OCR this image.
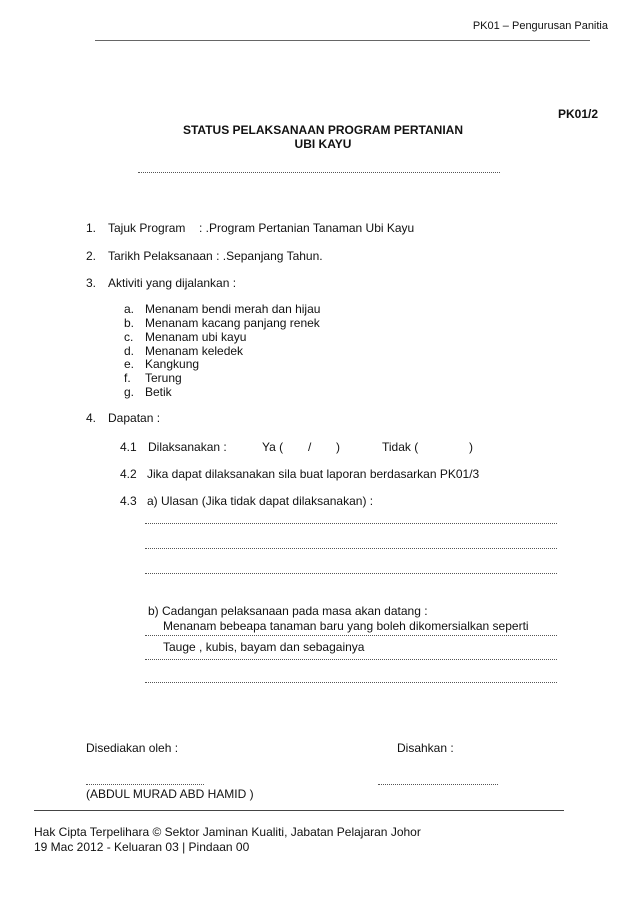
PK01 – Pengurusan Panitia
PK01/2
STATUS PELAKSANAAN PROGRAM PERTANIAN
UBI KAYU
1. Tajuk Program : .Program Pertanian Tanaman Ubi Kayu
2. Tarikh Pelaksanaan : .Sepanjang Tahun.
3. Aktiviti yang dijalankan :
a. Menanam bendi merah dan hijau
b. Menanam kacang panjang renek
c. Menanam ubi kayu
d. Menanam keledek
e. Kangkung
f. Terung
g. Betik
4. Dapatan :
4.1 Dilaksanakan :	Ya ( / )	Tidak (	)
4.2 Jika dapat dilaksanakan sila buat laporan berdasarkan PK01/3
4.3 a) Ulasan (Jika tidak dapat dilaksanakan) :
b) Cadangan pelaksanaan pada masa akan datang :
Menanam bebeapa tanaman baru yang boleh dikomersialkan seperti
Tauge , kubis, bayam dan sebagainya
Disediakan oleh :	Disahkan :
(ABDUL MURAD ABD HAMID )
Hak Cipta Terpelihara © Sektor Jaminan Kualiti, Jabatan Pelajaran Johor
19 Mac 2012 - Keluaran 03 | Pindaan 00
